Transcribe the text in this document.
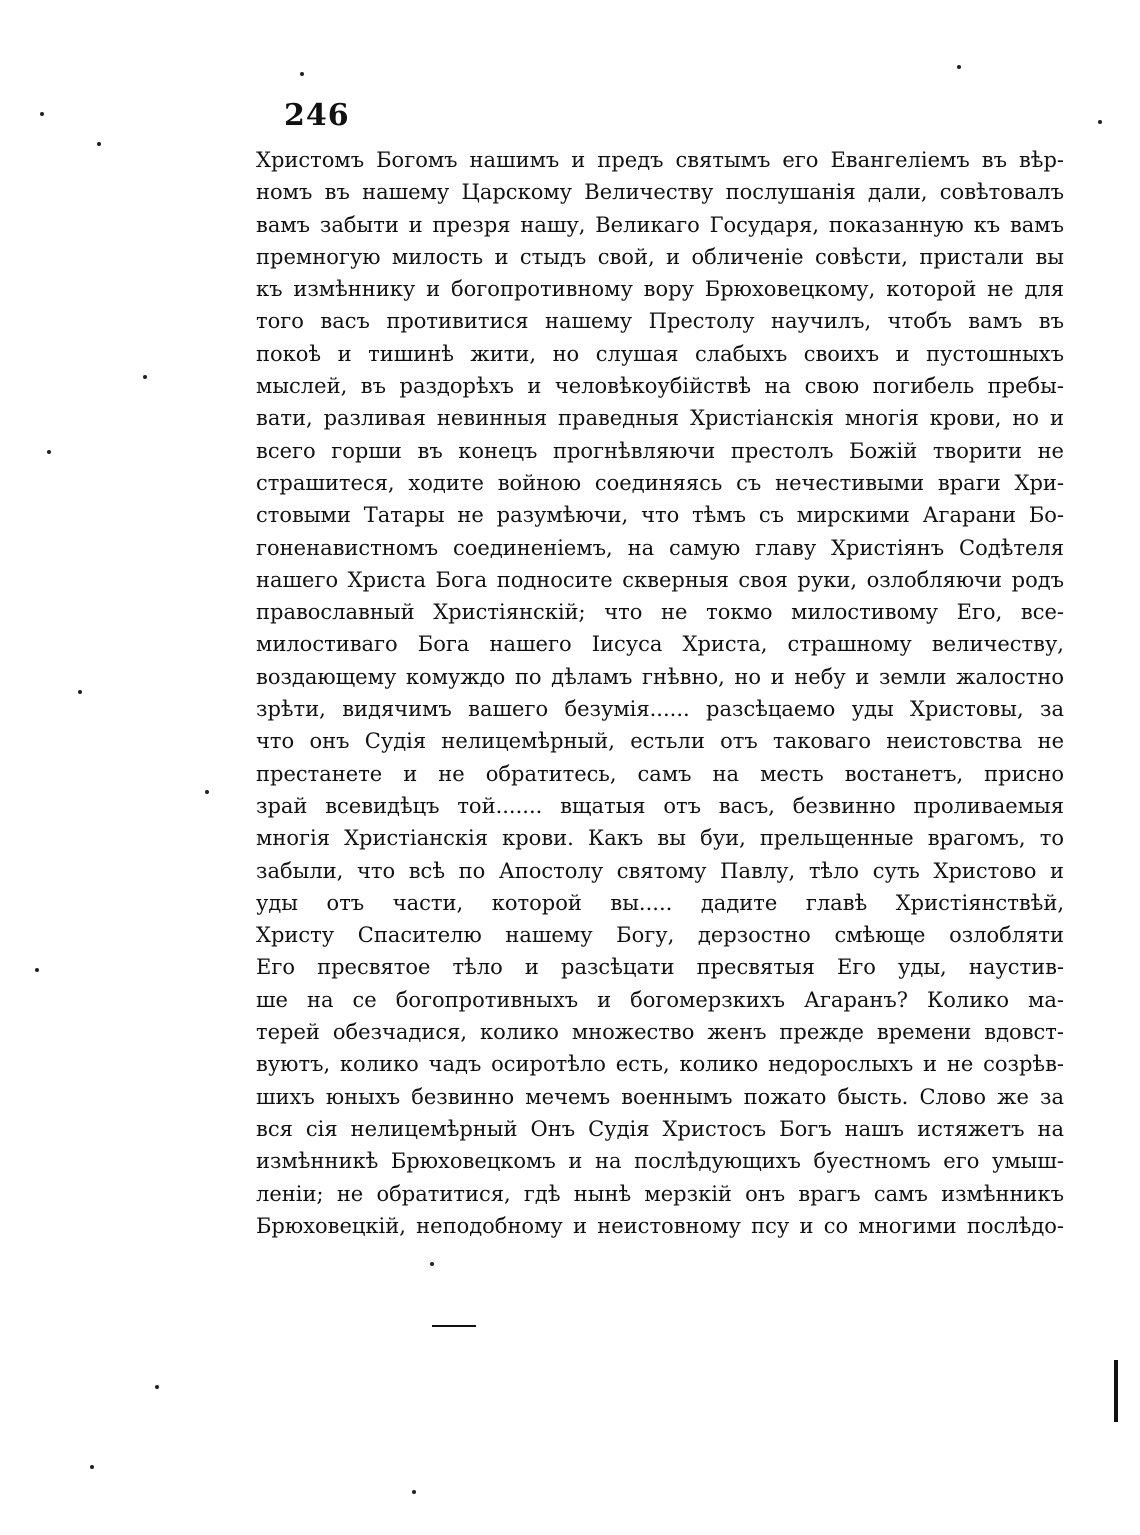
246
Христомъ Богомъ нашимъ и предъ святымъ его Евангеліемъ въ вѣр-
номъ въ нашему Царскому Величеству послушанія дали, совѣтовалъ
вамъ забыти и презря нашу, Великаго Государя, показанную къ вамъ
премногую милость и стыдъ свой, и обличеніе совѣсти, пристали вы
къ измѣннику и богопротивному вору Брюховецкому, которой не для
того васъ противитися нашему Престолу научилъ, чтобъ вамъ въ
покоѣ и тишинѣ жити, но слушая слабыхъ своихъ и пустошныхъ
мыслей, въ раздорѣхъ и человѣкоубійствѣ на свою погибель пребы-
вати, разливая невинныя праведныя Христіанскія многія крови, но и
всего горши въ конецъ прогнѣвляючи престолъ Божій творити не
страшитеся, ходите войною соединяясь съ нечестивыми враги Хри-
стовыми Татары не разумѣючи, что тѣмъ съ мирскими Агарани Бо-
гоненавистномъ соединеніемъ, на самую главу Христіянъ Содѣтеля
нашего Христа Бога подносите скверныя своя руки, озлобляючи родъ
православный Христіянскій; что не токмо милостивому Его, все-
милостиваго Бога нашего Іисуса Христа, страшному величеству,
воздающему комуждо по дѣламъ гнѣвно, но и небу и земли жалостно
зрѣти, видячимъ вашего безумія...... разсѣцаемо уды Христовы, за
что онъ Судія нелицемѣрный, естьли отъ таковаго неистовства не
престанете и не обратитесь, самъ на месть востанетъ, присно
зрай всевидѣцъ той....... вщатыя отъ васъ, безвинно проливаемыя
многія Христіанскія крови. Какъ вы буи, прельщенные врагомъ, то
забыли, что всѣ по Апостолу святому Павлу, тѣло суть Христово и
уды отъ части, которой вы..... дадите главѣ Христіянствѣй,
Христу Спасителю нашему Богу, дерзостно смѣюще озлобляти
Его пресвятое тѣло и разсѣцати пресвятыя Его уды, наустив-
ше на се богопротивныхъ и богомерзкихъ Агаранъ? Колико ма-
терей обезчадися, колико множество женъ прежде времени вдовст-
вуютъ, колико чадъ осиротѣло есть, колико недорослыхъ и не созрѣв-
шихъ юныхъ безвинно мечемъ военнымъ пожато бысть. Слово же за
вся сія нелицемѣрный Онъ Судія Христосъ Богъ нашъ истяжетъ на
измѣнникѣ Брюховецкомъ и на послѣдующихъ буестномъ его умыш-
леніи; не обратитися, гдѣ нынѣ мерзкій онъ врагъ самъ измѣнникъ
Брюховецкій, неподобному и неистовному псу и со многими послѣдо-
